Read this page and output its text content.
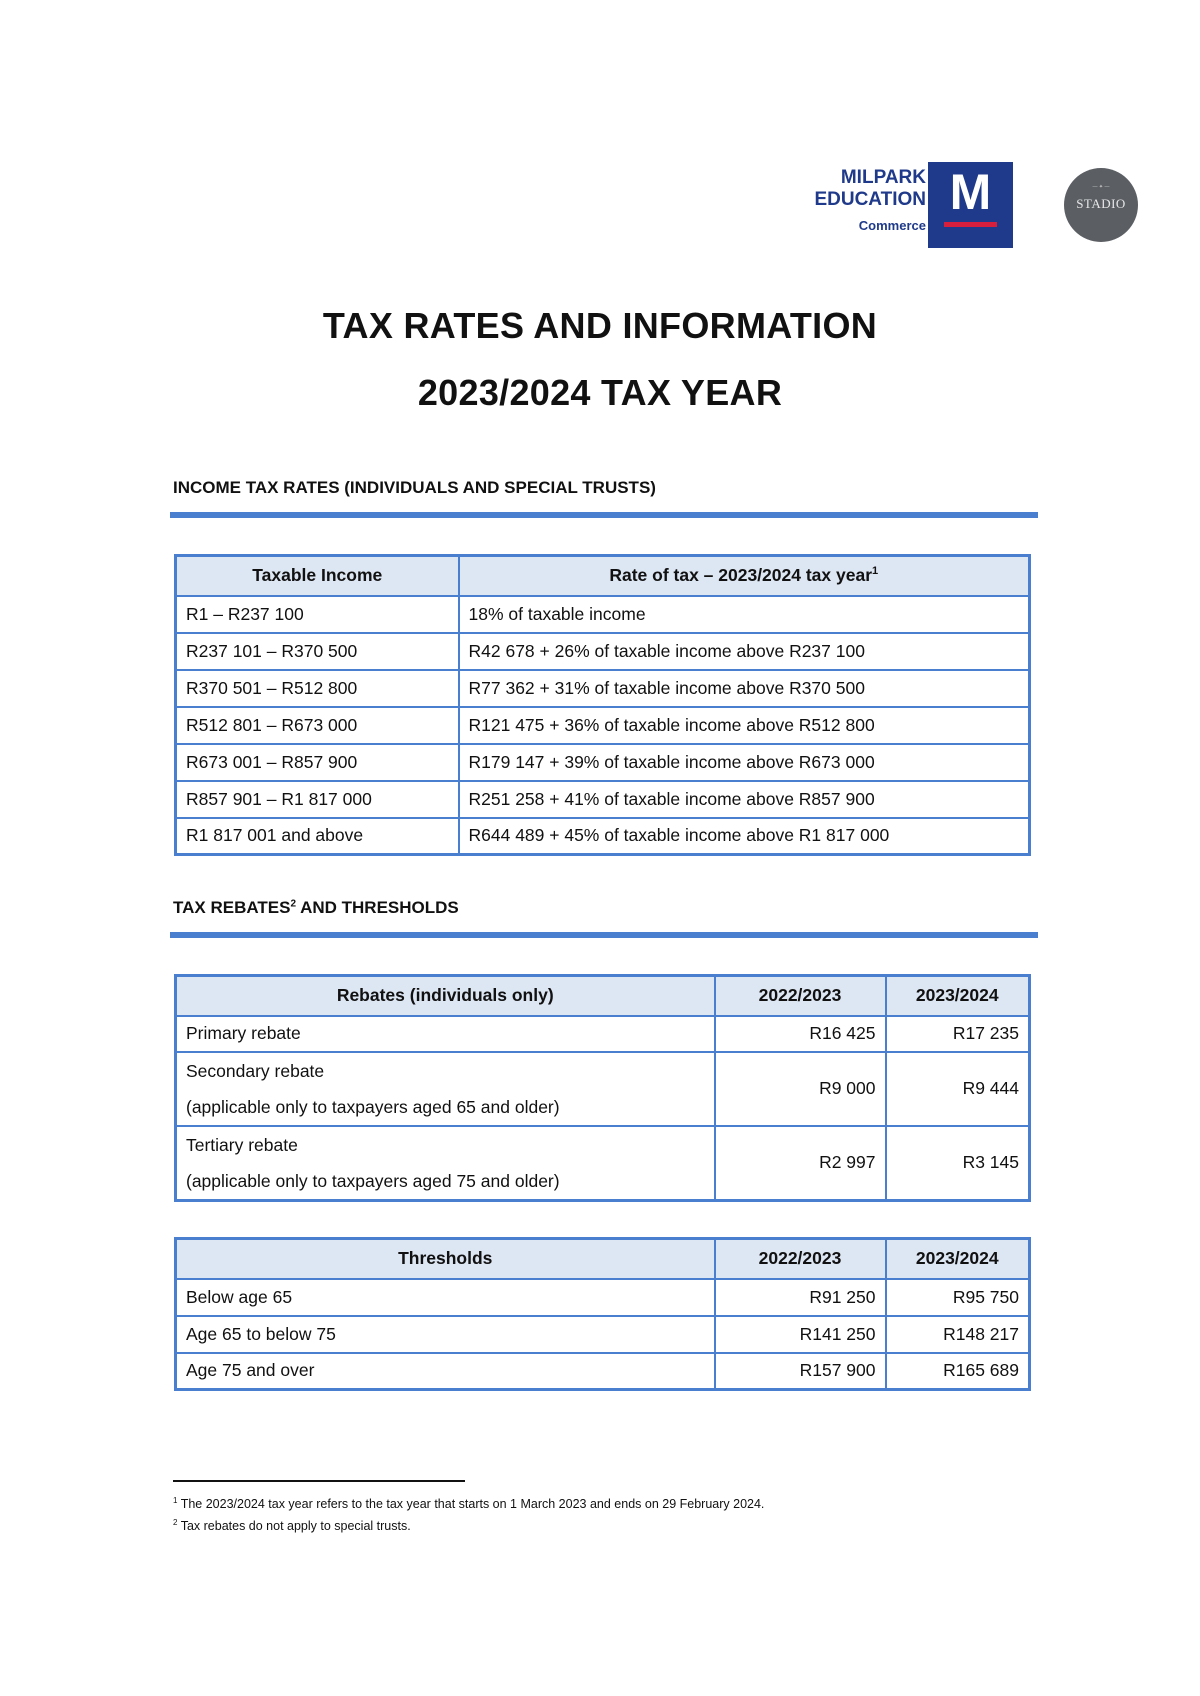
MILPARK
EDUCATION
Commerce
M	— ✦ —
STADIO
TAX RATES AND INFORMATION
2023/2024 TAX YEAR
INCOME TAX RATES (INDIVIDUALS AND SPECIAL TRUSTS)
Taxable Income	Rate of tax – 2023/2024 tax year$^1$
R1 – R237 100	18% of taxable income
R237 101 – R370 500	R42 678 + 26% of taxable income above R237 100
R370 501 – R512 800	R77 362 + 31% of taxable income above R370 500
R512 801 – R673 000	R121 475 + 36% of taxable income above R512 800
R673 001 – R857 900	R179 147 + 39% of taxable income above R673 000
R857 901 – R1 817 000	R251 258 + 41% of taxable income above R857 900
R1 817 001 and above	R644 489 + 45% of taxable income above R1 817 000
TAX REBATES$^2$ AND THRESHOLDS
Rebates (individuals only)	2022/2023	2023/2024
Primary rebate	R16 425	R17 235

Secondary rebate
(applicable only to taxpayers aged 65 and older)	R9 000	R9 444

Tertiary rebate
(applicable only to taxpayers aged 75 and older)	R2 997	R3 145
Thresholds	2022/2023	2023/2024
Below age 65	R91 250	R95 750
Age 65 to below 75	R141 250	R148 217
Age 75 and over	R157 900	R165 689
$^1$ The 2023/2024 tax year refers to the tax year that starts on 1 March 2023 and ends on 29 February 2024.
$^2$ Tax rebates do not apply to special trusts.
